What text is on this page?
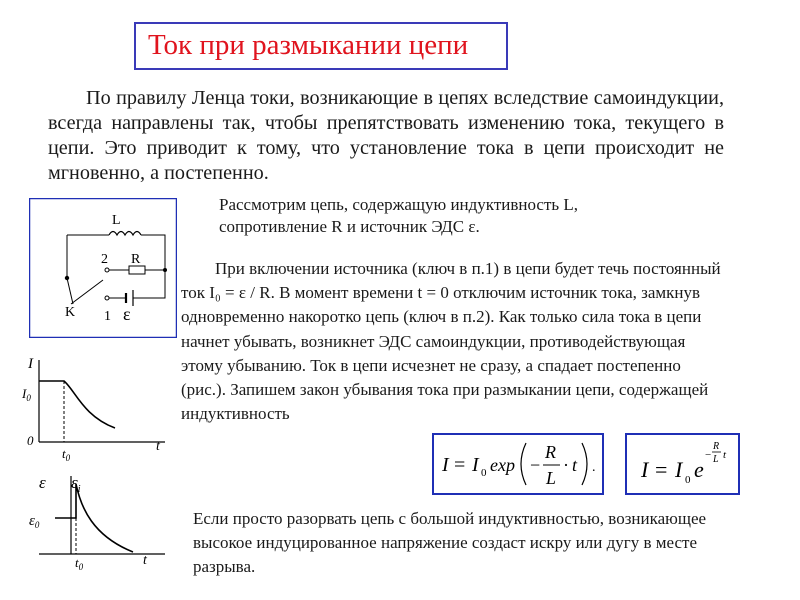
Ток при размыкании цепи

По правилу Ленца токи, возникающие в цепях вследствие самоиндукции, всегда направлены так, чтобы препятствовать изменению тока, текущего в цепи. Это приводит к тому, что установление тока в цепи происходит не мгновенно, а постепенно.

L
R
2
1
K	ε
I
$I_0$
0
$t_0$
t
ε $\varepsilon_i$
$\varepsilon_0$
$t_0$	t
Рассмотрим цепь, содержащую индуктивность L, сопротивление R и источник ЭДС ε.

При включении источника (ключ в п.1) в цепи будет течь постоянный ток I₀ = ε / R. В момент времени t = 0 отключим источник тока, замкнув одновременно накоротко цепь (ключ в п.2). Как только сила тока в цепи начнет убывать, возникнет ЭДС самоиндукции, противодействующая этому убыванию. Ток в цепи исчезнет не сразу, а спадает постепенно (рис.). Запишем закон убывания тока при размыкании цепи, содержащей индуктивность

I = I 0 exp −
R
L
· t . I = I 0 e
−
R
L t

Если просто разорвать цепь с большой индуктивностью, возникающее высокое индуцированное напряжение создаст искру или дугу в месте разрыва.
